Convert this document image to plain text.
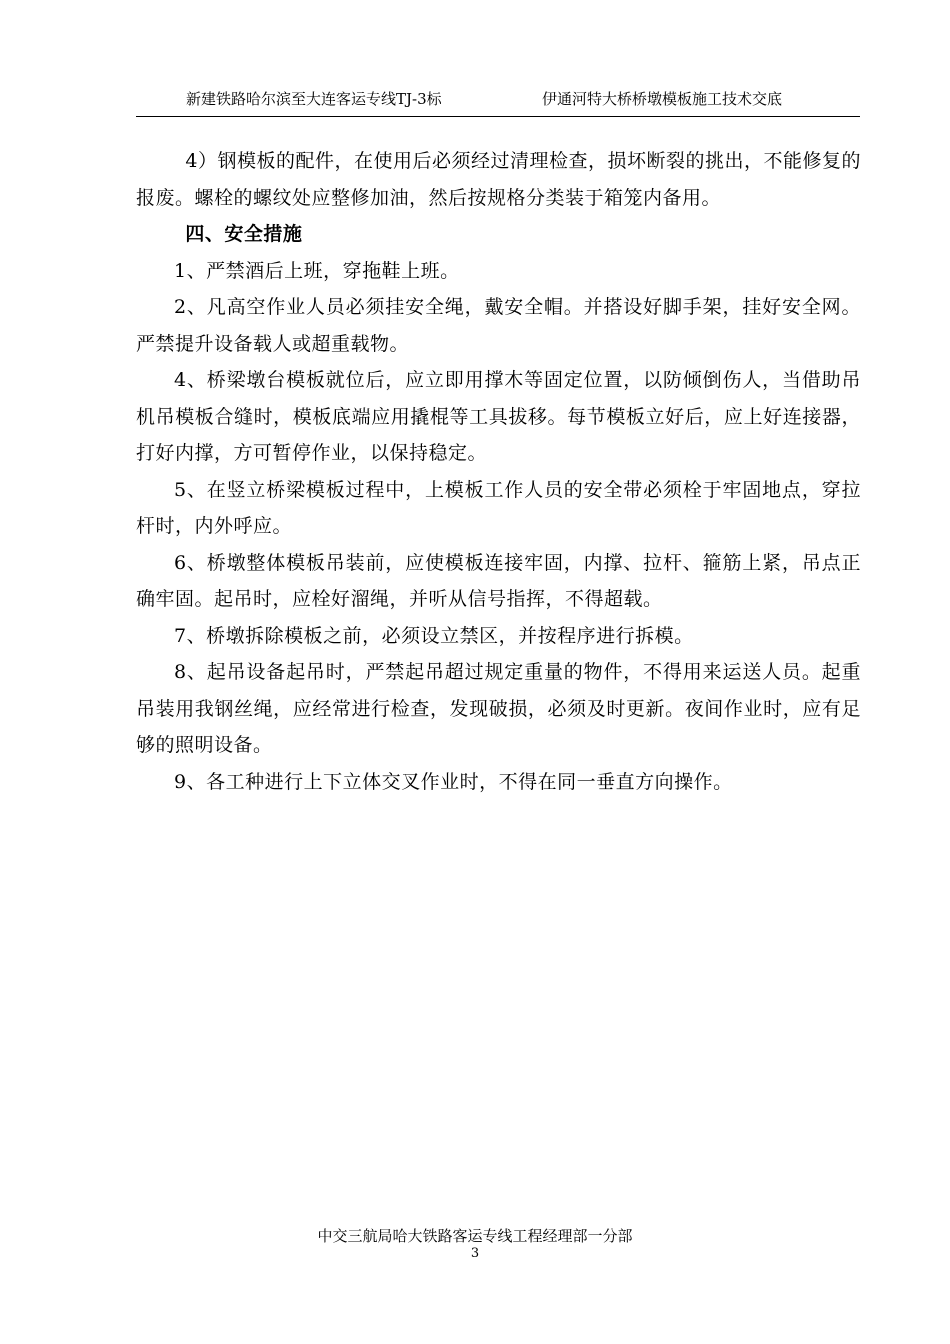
新建铁路哈尔滨至大连客运专线TJ-3标	伊通河特大桥桥墩模板施工技术交底

4）钢模板的配件，在使用后必须经过清理检查，损坏断裂的挑出，不能修复的报废。螺栓的螺纹处应整修加油，然后按规格分类装于箱笼内备用。

四、安全措施

1、严禁酒后上班，穿拖鞋上班。

2、凡高空作业人员必须挂安全绳，戴安全帽。并搭设好脚手架，挂好安全网。严禁提升设备载人或超重载物。

4、桥梁墩台模板就位后，应立即用撑木等固定位置，以防倾倒伤人，当借助吊机吊模板合缝时，模板底端应用撬棍等工具拔移。每节模板立好后，应上好连接器，打好内撑，方可暂停作业，以保持稳定。

5、在竖立桥梁模板过程中，上模板工作人员的安全带必须栓于牢固地点，穿拉杆时，内外呼应。

6、桥墩整体模板吊装前，应使模板连接牢固，内撑、拉杆、箍筋上紧，吊点正确牢固。起吊时，应栓好溜绳，并听从信号指挥，不得超载。

7、桥墩拆除模板之前，必须设立禁区，并按程序进行拆模。

8、起吊设备起吊时，严禁起吊超过规定重量的物件，不得用来运送人员。起重吊装用我钢丝绳，应经常进行检查，发现破损，必须及时更新。夜间作业时，应有足够的照明设备。

9、各工种进行上下立体交叉作业时，不得在同一垂直方向操作。

中交三航局哈大铁路客运专线工程经理部一分部
3
